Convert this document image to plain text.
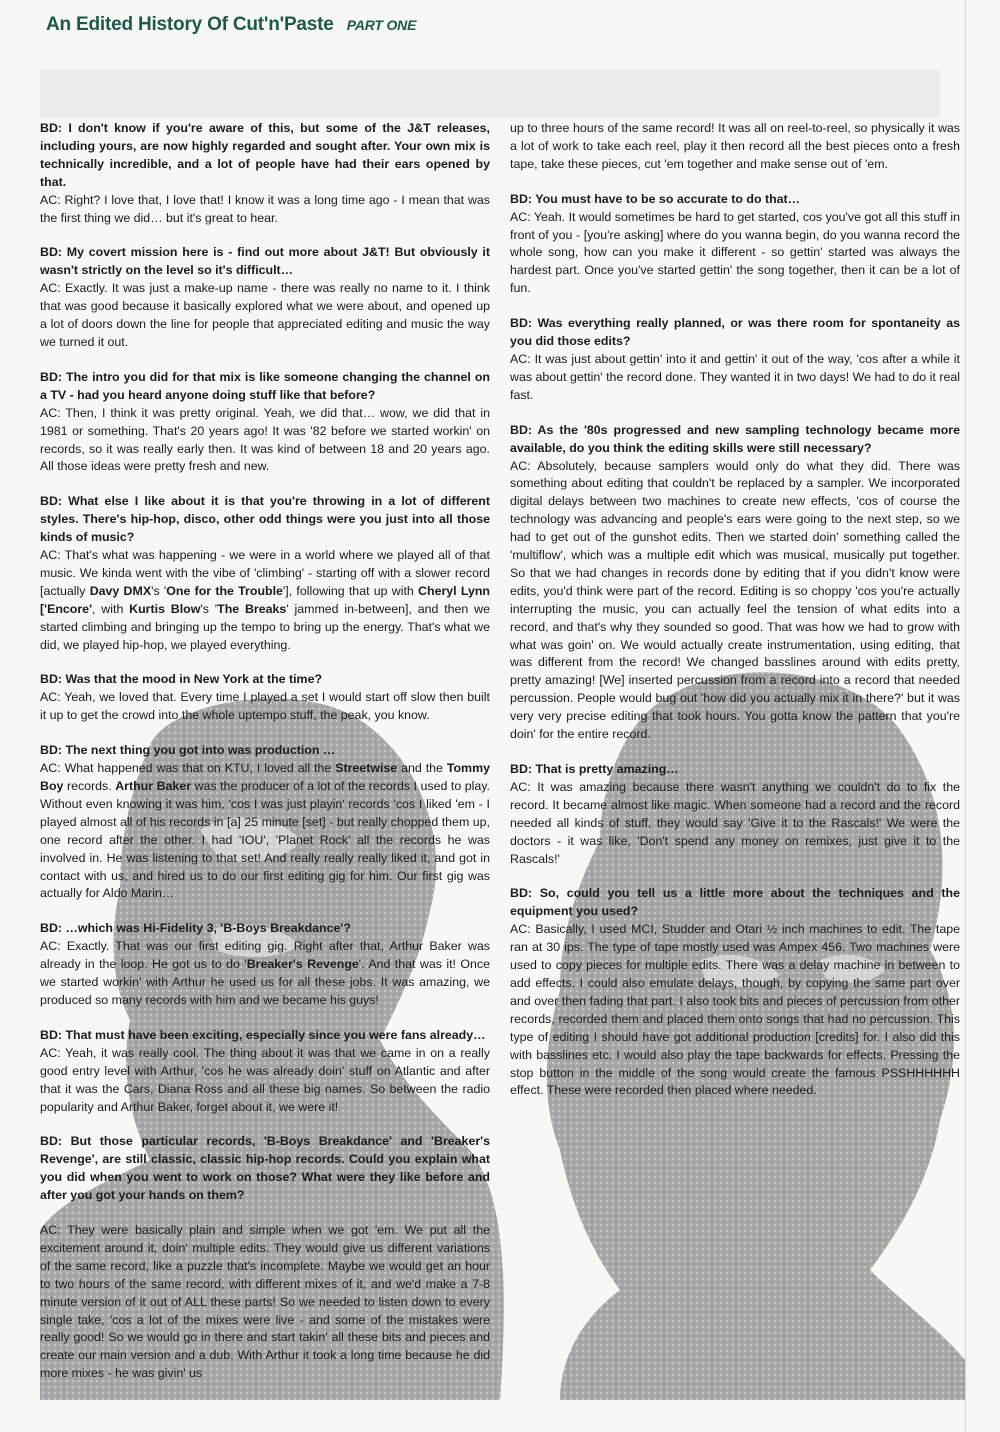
An Edited History Of Cut'n'Paste PART ONE

BD: I don't know if you're aware of this, but some of the J&T releases, including yours, are now highly regarded and sought after. Your own mix is technically incredible, and a lot of people have had their ears opened by that.

AC: Right? I love that, I love that! I know it was a long time ago - I mean that was the first thing we did… but it's great to hear.

BD: My covert mission here is - find out more about J&T! But obviously it wasn't strictly on the level so it's difficult…

AC: Exactly. It was just a make-up name - there was really no name to it. I think that was good because it basically explored what we were about, and opened up a lot of doors down the line for people that appreciated editing and music the way we turned it out.

BD: The intro you did for that mix is like someone changing the channel on a TV - had you heard anyone doing stuff like that before?

AC: Then, I think it was pretty original. Yeah, we did that… wow, we did that in 1981 or something. That's 20 years ago! It was '82 before we started workin' on records, so it was really early then. It was kind of between 18 and 20 years ago. All those ideas were pretty fresh and new.

BD: What else I like about it is that you're throwing in a lot of different styles. There's hip-hop, disco, other odd things were you just into all those kinds of music?

AC: That's what was happening - we were in a world where we played all of that music. We kinda went with the vibe of 'climbing' - starting off with a slower record [actually Davy DMX's 'One for the Trouble'], following that up with Cheryl Lynn ['Encore', with Kurtis Blow's 'The Breaks' jammed in-between], and then we started climbing and bringing up the tempo to bring up the energy. That's what we did, we played hip-hop, we played everything.

BD: Was that the mood in New York at the time?

AC: Yeah, we loved that. Every time I played a set I would start off slow then built it up to get the crowd into the whole uptempo stuff, the peak, you know.

BD: The next thing you got into was production …

AC: What happened was that on KTU, I loved all the Streetwise and the Tommy Boy records. Arthur Baker was the producer of a lot of the records I used to play. Without even knowing it was him, 'cos I was just playin' records 'cos I liked 'em - I played almost all of his records in [a] 25 minute [set] - but really chopped them up, one record after the other. I had 'IOU', 'Planet Rock' all the records he was involved in. He was listening to that set! And really really really liked it, and got in contact with us, and hired us to do our first editing gig for him. Our first gig was actually for Aldo Marin…

BD: …which was Hi-Fidelity 3, 'B-Boys Breakdance'?

AC: Exactly. That was our first editing gig. Right after that, Arthur Baker was already in the loop. He got us to do 'Breaker's Revenge'. And that was it! Once we started workin' with Arthur he used us for all these jobs. It was amazing, we produced so many records with him and we became his guys!

BD: That must have been exciting, especially since you were fans already…

AC: Yeah, it was really cool. The thing about it was that we came in on a really good entry level with Arthur, 'cos he was already doin' stuff on Atlantic and after that it was the Cars, Diana Ross and all these big names. So between the radio popularity and Arthur Baker, forget about it, we were it!

BD: But those particular records, 'B-Boys Breakdance' and 'Breaker's Revenge', are still classic, classic hip-hop records. Could you explain what you did when you went to work on those? What were they like before and after you got your hands on them?

AC: They were basically plain and simple when we got 'em. We put all the excitement around it, doin' multiple edits. They would give us different variations of the same record, like a puzzle that's incomplete. Maybe we would get an hour to two hours of the same record, with different mixes of it, and we'd make a 7-8 minute version of it out of ALL these parts! So we needed to listen down to every single take, 'cos a lot of the mixes were live - and some of the mistakes were really good! So we would go in there and start takin' all these bits and pieces and create our main version and a dub. With Arthur it took a long time because he did more mixes - he was givin' us

up to three hours of the same record! It was all on reel-to-reel, so physically it was a lot of work to take each reel, play it then record all the best pieces onto a fresh tape, take these pieces, cut 'em together and make sense out of 'em.

BD: You must have to be so accurate to do that…

AC: Yeah. It would sometimes be hard to get started, cos you've got all this stuff in front of you - [you're asking] where do you wanna begin, do you wanna record the whole song, how can you make it different - so gettin' started was always the hardest part. Once you've started gettin' the song together, then it can be a lot of fun.

BD: Was everything really planned, or was there room for spontaneity as you did those edits?

AC: It was just about gettin' into it and gettin' it out of the way, 'cos after a while it was about gettin' the record done. They wanted it in two days! We had to do it real fast.

BD: As the '80s progressed and new sampling technology became more available, do you think the editing skills were still necessary?

AC: Absolutely, because samplers would only do what they did. There was something about editing that couldn't be replaced by a sampler. We incorporated digital delays between two machines to create new effects, 'cos of course the technology was advancing and people's ears were going to the next step, so we had to get out of the gunshot edits. Then we started doin' something called the 'multiflow', which was a multiple edit which was musical, musically put together. So that we had changes in records done by editing that if you didn't know were edits, you'd think were part of the record. Editing is so choppy 'cos you're actually interrupting the music, you can actually feel the tension of what edits into a record, and that's why they sounded so good. That was how we had to grow with what was goin' on. We would actually create instrumentation, using editing, that was different from the record! We changed basslines around with edits pretty, pretty amazing! [We] inserted percussion from a record into a record that needed percussion. People would bug out 'how did you actually mix it in there?' but it was very very precise editing that took hours. You gotta know the pattern that you're doin' for the entire record.

BD: That is pretty amazing…

AC: It was amazing because there wasn't anything we couldn't do to fix the record. It became almost like magic. When someone had a record and the record needed all kinds of stuff, they would say 'Give it to the Rascals!' We were the doctors - it was like, 'Don't spend any money on remixes, just give it to the Rascals!'

BD: So, could you tell us a little more about the techniques and the equipment you used?

AC: Basically, I used MCI, Studder and Otari ½ inch machines to edit. The tape ran at 30 ips. The type of tape mostly used was Ampex 456. Two machines were used to copy pieces for multiple edits. There was a delay machine in between to add effects. I could also emulate delays, though, by copying the same part over and over then fading that part. I also took bits and pieces of percussion from other records, recorded them and placed them onto songs that had no percussion. This type of editing I should have got additional production [credits] for. I also did this with basslines etc. I would also play the tape backwards for effects. Pressing the stop button in the middle of the song would create the famous PSSHHHHHH effect. These were recorded then placed where needed.
